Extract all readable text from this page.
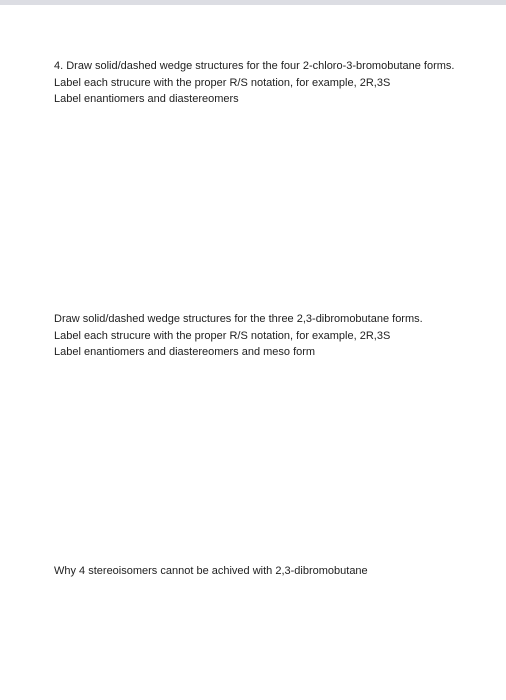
4. Draw solid/dashed wedge structures for the four 2-chloro-3-bromobutane forms.

Label each strucure with the proper R/S notation, for example, 2R,3S

Label enantiomers and diastereomers

Draw solid/dashed wedge structures for the three 2,3-dibromobutane forms.

Label each strucure with the proper R/S notation, for example, 2R,3S

Label enantiomers and diastereomers and meso form

Why 4 stereoisomers cannot be achived with 2,3-dibromobutane
